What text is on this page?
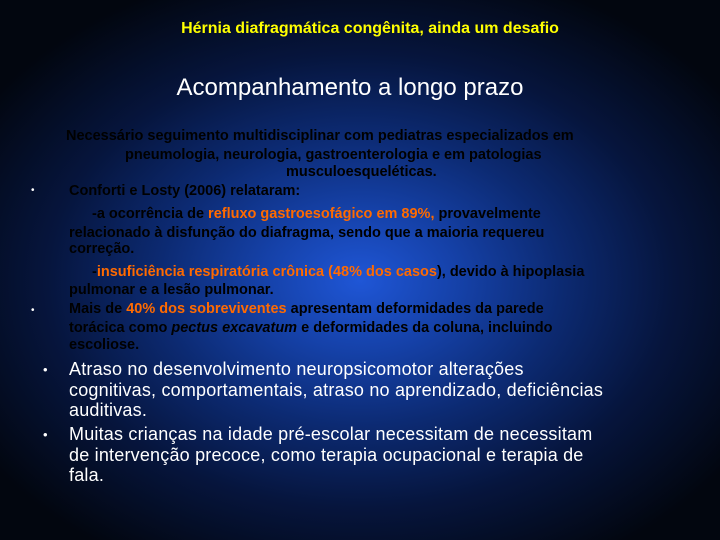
Hérnia diafragmática congênita, ainda um desafio
Acompanhamento a longo prazo
Necessário seguimento multidisciplinar com pediatras especializados em
pneumologia, neurologia, gastroenterologia e em patologias
musculoesqueléticas.
• Conforti e Losty (2006) relataram:
-a ocorrência de refluxo gastroesofágico em 89%, provavelmente
relacionado à disfunção do diafragma, sendo que a maioria requereu
correção.
-insuficiência respiratória crônica (48% dos casos), devido à hipoplasia
pulmonar e a lesão pulmonar.
• Mais de 40% dos sobreviventes apresentam deformidades da parede
torácica como pectus excavatum e deformidades da coluna, incluindo
escoliose.
• Atraso no desenvolvimento neuropsicomotor alterações
cognitivas, comportamentais, atraso no aprendizado, deficiências
auditivas.
• Muitas crianças na idade pré-escolar necessitam de necessitam
de intervenção precoce, como terapia ocupacional e terapia de
fala.
